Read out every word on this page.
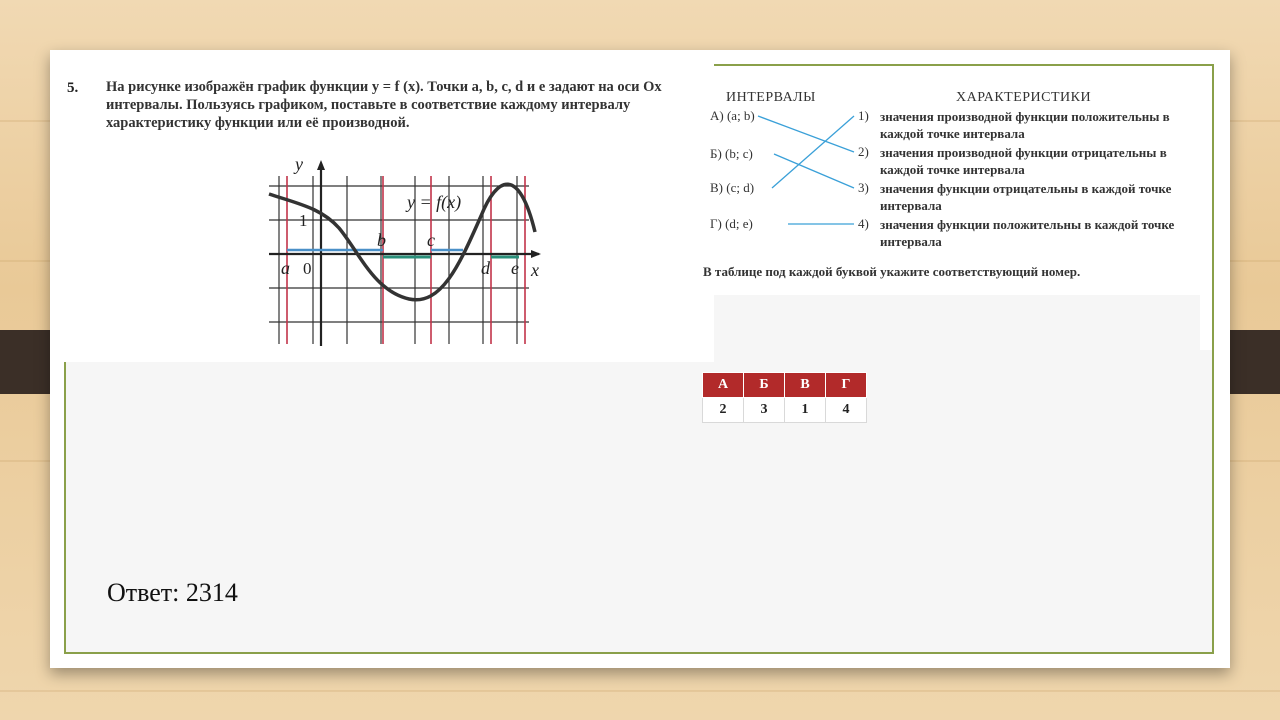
5. На рисунке изображён график функции y = f (x). Точки a, b, c, d и e задают на оси Ox интервалы. Пользуясь графиком, поставьте в соответствие каждому интервалу характеристику функции или её производной.
y
x
y = f(x)
1
0
a
b c
d e
ИНТЕРВАЛЫ	ХАРАКТЕРИСТИКИ
А) (a; b)
Б) (b; c)
В) (c; d)
Г) (d; e)
1) значения производной функции положительны в каждой точке интервала
2) значения производной функции отрицательны в каждой точке интервала
3) значения функции отрицательны в каждой точке интервала
4) значения функции положительны в каждой точке интервала
В таблице под каждой буквой укажите соответствующий номер.
А	Б	В	Г
2	3	1	4
Ответ: 2314
